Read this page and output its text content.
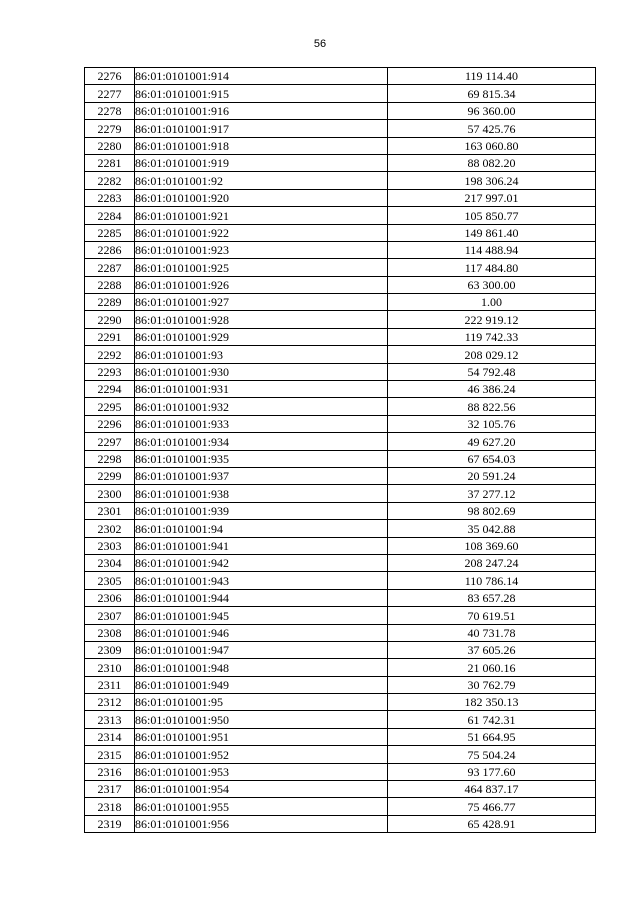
56
2276	86:01:0101001:914	119 114.40
2277	86:01:0101001:915	69 815.34
2278	86:01:0101001:916	96 360.00
2279	86:01:0101001:917	57 425.76
2280	86:01:0101001:918	163 060.80
2281	86:01:0101001:919	88 082.20
2282	86:01:0101001:92	198 306.24
2283	86:01:0101001:920	217 997.01
2284	86:01:0101001:921	105 850.77
2285	86:01:0101001:922	149 861.40
2286	86:01:0101001:923	114 488.94
2287	86:01:0101001:925	117 484.80
2288	86:01:0101001:926	63 300.00
2289	86:01:0101001:927	1.00
2290	86:01:0101001:928	222 919.12
2291	86:01:0101001:929	119 742.33
2292	86:01:0101001:93	208 029.12
2293	86:01:0101001:930	54 792.48
2294	86:01:0101001:931	46 386.24
2295	86:01:0101001:932	88 822.56
2296	86:01:0101001:933	32 105.76
2297	86:01:0101001:934	49 627.20
2298	86:01:0101001:935	67 654.03
2299	86:01:0101001:937	20 591.24
2300	86:01:0101001:938	37 277.12
2301	86:01:0101001:939	98 802.69
2302	86:01:0101001:94	35 042.88
2303	86:01:0101001:941	108 369.60
2304	86:01:0101001:942	208 247.24
2305	86:01:0101001:943	110 786.14
2306	86:01:0101001:944	83 657.28
2307	86:01:0101001:945	70 619.51
2308	86:01:0101001:946	40 731.78
2309	86:01:0101001:947	37 605.26
2310	86:01:0101001:948	21 060.16
2311	86:01:0101001:949	30 762.79
2312	86:01:0101001:95	182 350.13
2313	86:01:0101001:950	61 742.31
2314	86:01:0101001:951	51 664.95
2315	86:01:0101001:952	75 504.24
2316	86:01:0101001:953	93 177.60
2317	86:01:0101001:954	464 837.17
2318	86:01:0101001:955	75 466.77
2319	86:01:0101001:956	65 428.91
